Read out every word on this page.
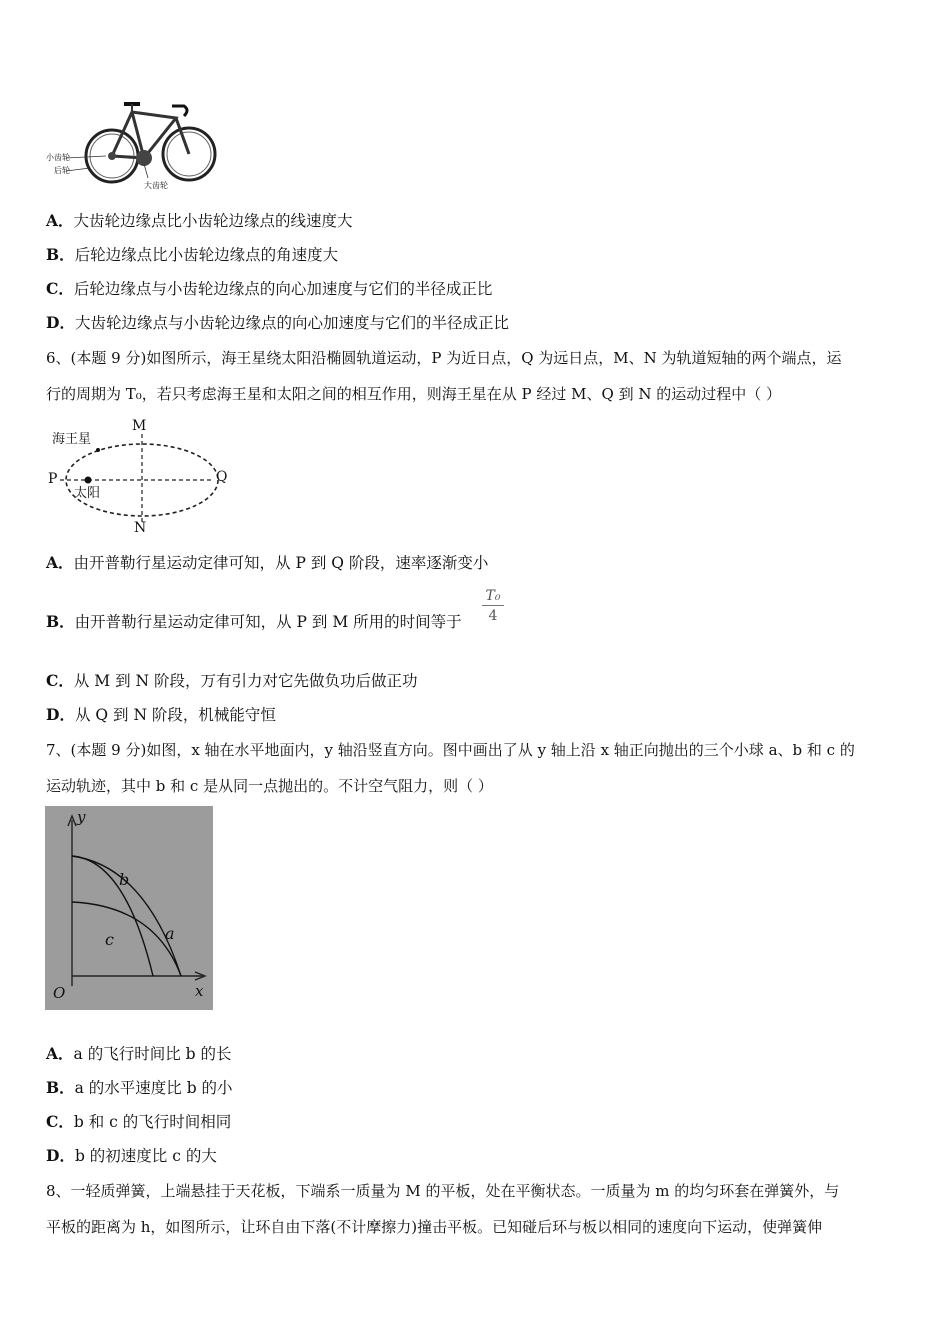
小齿轮
后轮
大齿轮
A．大齿轮边缘点比小齿轮边缘点的线速度大
B．后轮边缘点比小齿轮边缘点的角速度大
C．后轮边缘点与小齿轮边缘点的向心加速度与它们的半径成正比
D．大齿轮边缘点与小齿轮边缘点的向心加速度与它们的半径成正比
6、(本题 9 分)如图所示，海王星绕太阳沿椭圆轨道运动，P 为近日点，Q 为远日点，M、N 为轨道短轴的两个端点，运
行的周期为 T₀，若只考虑海王星和太阳之间的相互作用，则海王星在从 P 经过 M、Q 到 N 的运动过程中（ ）
海王星
太阳
P	Q
M
N
A．由开普勒行星运动定律可知，从 P 到 Q 阶段，速率逐渐变小
B．由开普勒行星运动定律可知，从 P 到 M 所用的时间等于
T₀
4
C．从 M 到 N 阶段，万有引力对它先做负功后做正功
D．从 Q 到 N 阶段，机械能守恒
7、(本题 9 分)如图，x 轴在水平地面内，y 轴沿竖直方向。图中画出了从 y 轴上沿 x 轴正向抛出的三个小球 a、b 和 c 的
运动轨迹，其中 b 和 c 是从同一点抛出的。不计空气阻力，则（ ）
y
x
O
b
c	a
A．a 的飞行时间比 b 的长
B．a 的水平速度比 b 的小
C．b 和 c 的飞行时间相同
D．b 的初速度比 c 的大
8、一轻质弹簧，上端悬挂于天花板，下端系一质量为 M 的平板，处在平衡状态。一质量为 m 的均匀环套在弹簧外，与
平板的距离为 h，如图所示，让环自由下落(不计摩擦力)撞击平板。已知碰后环与板以相同的速度向下运动，使弹簧伸
